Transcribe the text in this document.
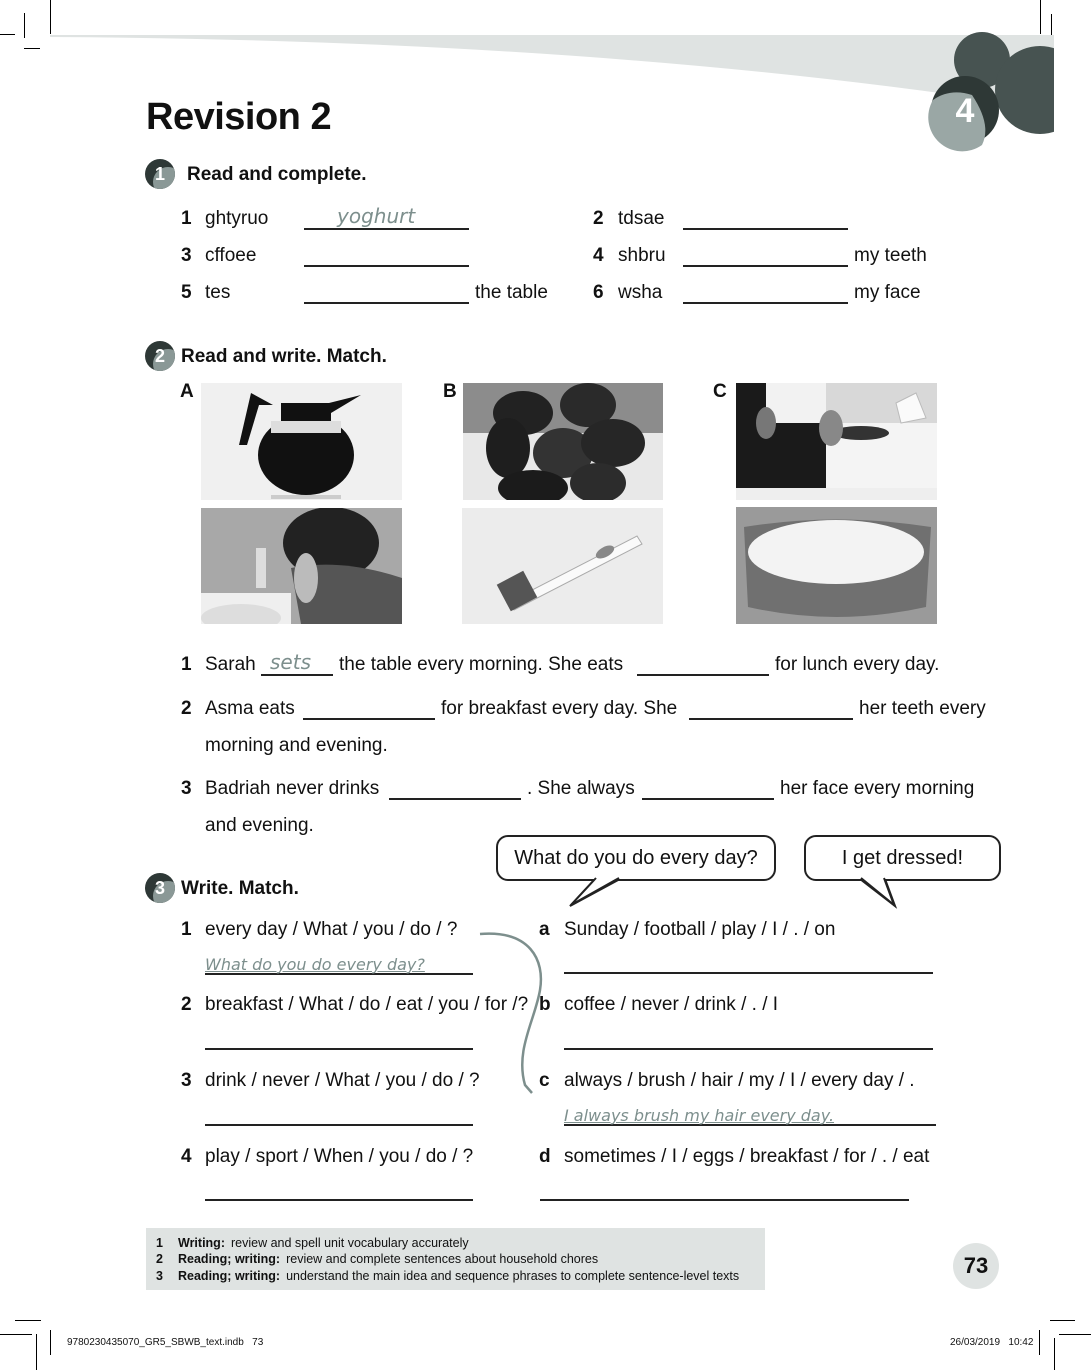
4
Revision 2
1	Read and complete.
1 ghtyruo	yoghurt	2 tdsae
3 cffoee	4 shbru	my teeth
5 tes	the table 6 wsha	my face
2 Read and write. Match.
A	B	C
1 Sarah sets the table every morning. She eats	for lunch every day.
2 Asma eats	for breakfast every day. She	her teeth every
morning and evening.
3 Badriah never drinks	. She always	her face every morning
and evening.
What do you do every day?	I get dressed!
3 Write. Match.
1 every day / What / you / do / ?
What do you do every day?
2 breakfast / What / do / eat / you / for /?
3 drink / never / What / you / do / ?
4 play / sport / When / you / do / ?
a Sunday / football / play / I / . / on
b coffee / never / drink / . / I
c always / brush / hair / my / I / every day / .
I always brush my hair every day.
d sometimes / I / eggs / breakfast / for / . / eat
1 Writing: review and spell unit vocabulary accurately
2 Reading; writing: review and complete sentences about household chores
3 Reading; writing: understand the main idea and sequence phrases to complete sentence-level texts	73
9780230435070_GR5_SBWB_text.indb   73	26/03/2019   10:42
